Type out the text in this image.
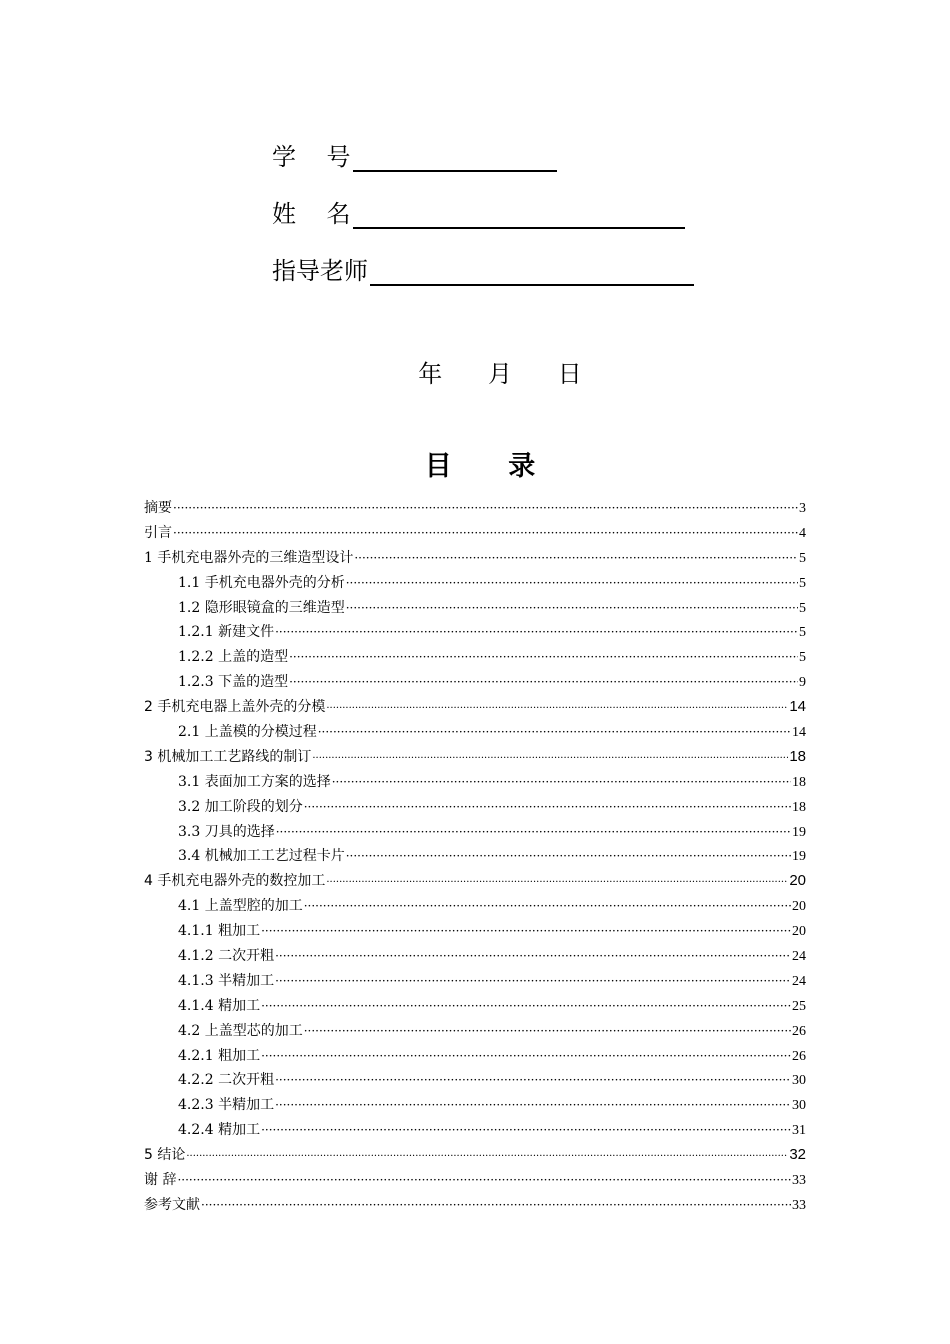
学    号
姓    名
指导老师
年      月      日
目      录
摘要 ·····	3
引言 ·····	4
1 手机充电器外壳的三维造型设计 ·····	5
1.1 手机充电器外壳的分析 ·····	5
1.2 隐形眼镜盒的三维造型 ·····	5
1.2.1 新建文件 ·····	5
1.2.2 上盖的造型 ·····	5
1.2.3 下盖的造型 ·····	9
2 手机充电器上盖外壳的分模 ·····	14
2.1 上盖模的分模过程 ·····	14
3 机械加工工艺路线的制订 ·····	18
3.1 表面加工方案的选择 ·····	18
3.2 加工阶段的划分 ·····	18
3.3 刀具的选择 ·····	19
3.4 机械加工工艺过程卡片 ·····	19
4 手机充电器外壳的数控加工 ·····	20
4.1 上盖型腔的加工 ·····	20
4.1.1 粗加工 ·····	20
4.1.2 二次开粗 ·····	24
4.1.3 半精加工 ·····	24
4.1.4 精加工 ·····	25
4.2 上盖型芯的加工 ·····	26
4.2.1 粗加工 ·····	26
4.2.2 二次开粗 ·····	30
4.2.3 半精加工 ·····	30
4.2.4 精加工 ·····	31
5 结论 ·····	32
谢 辞 ·····	33
参考文献 ·····	33
